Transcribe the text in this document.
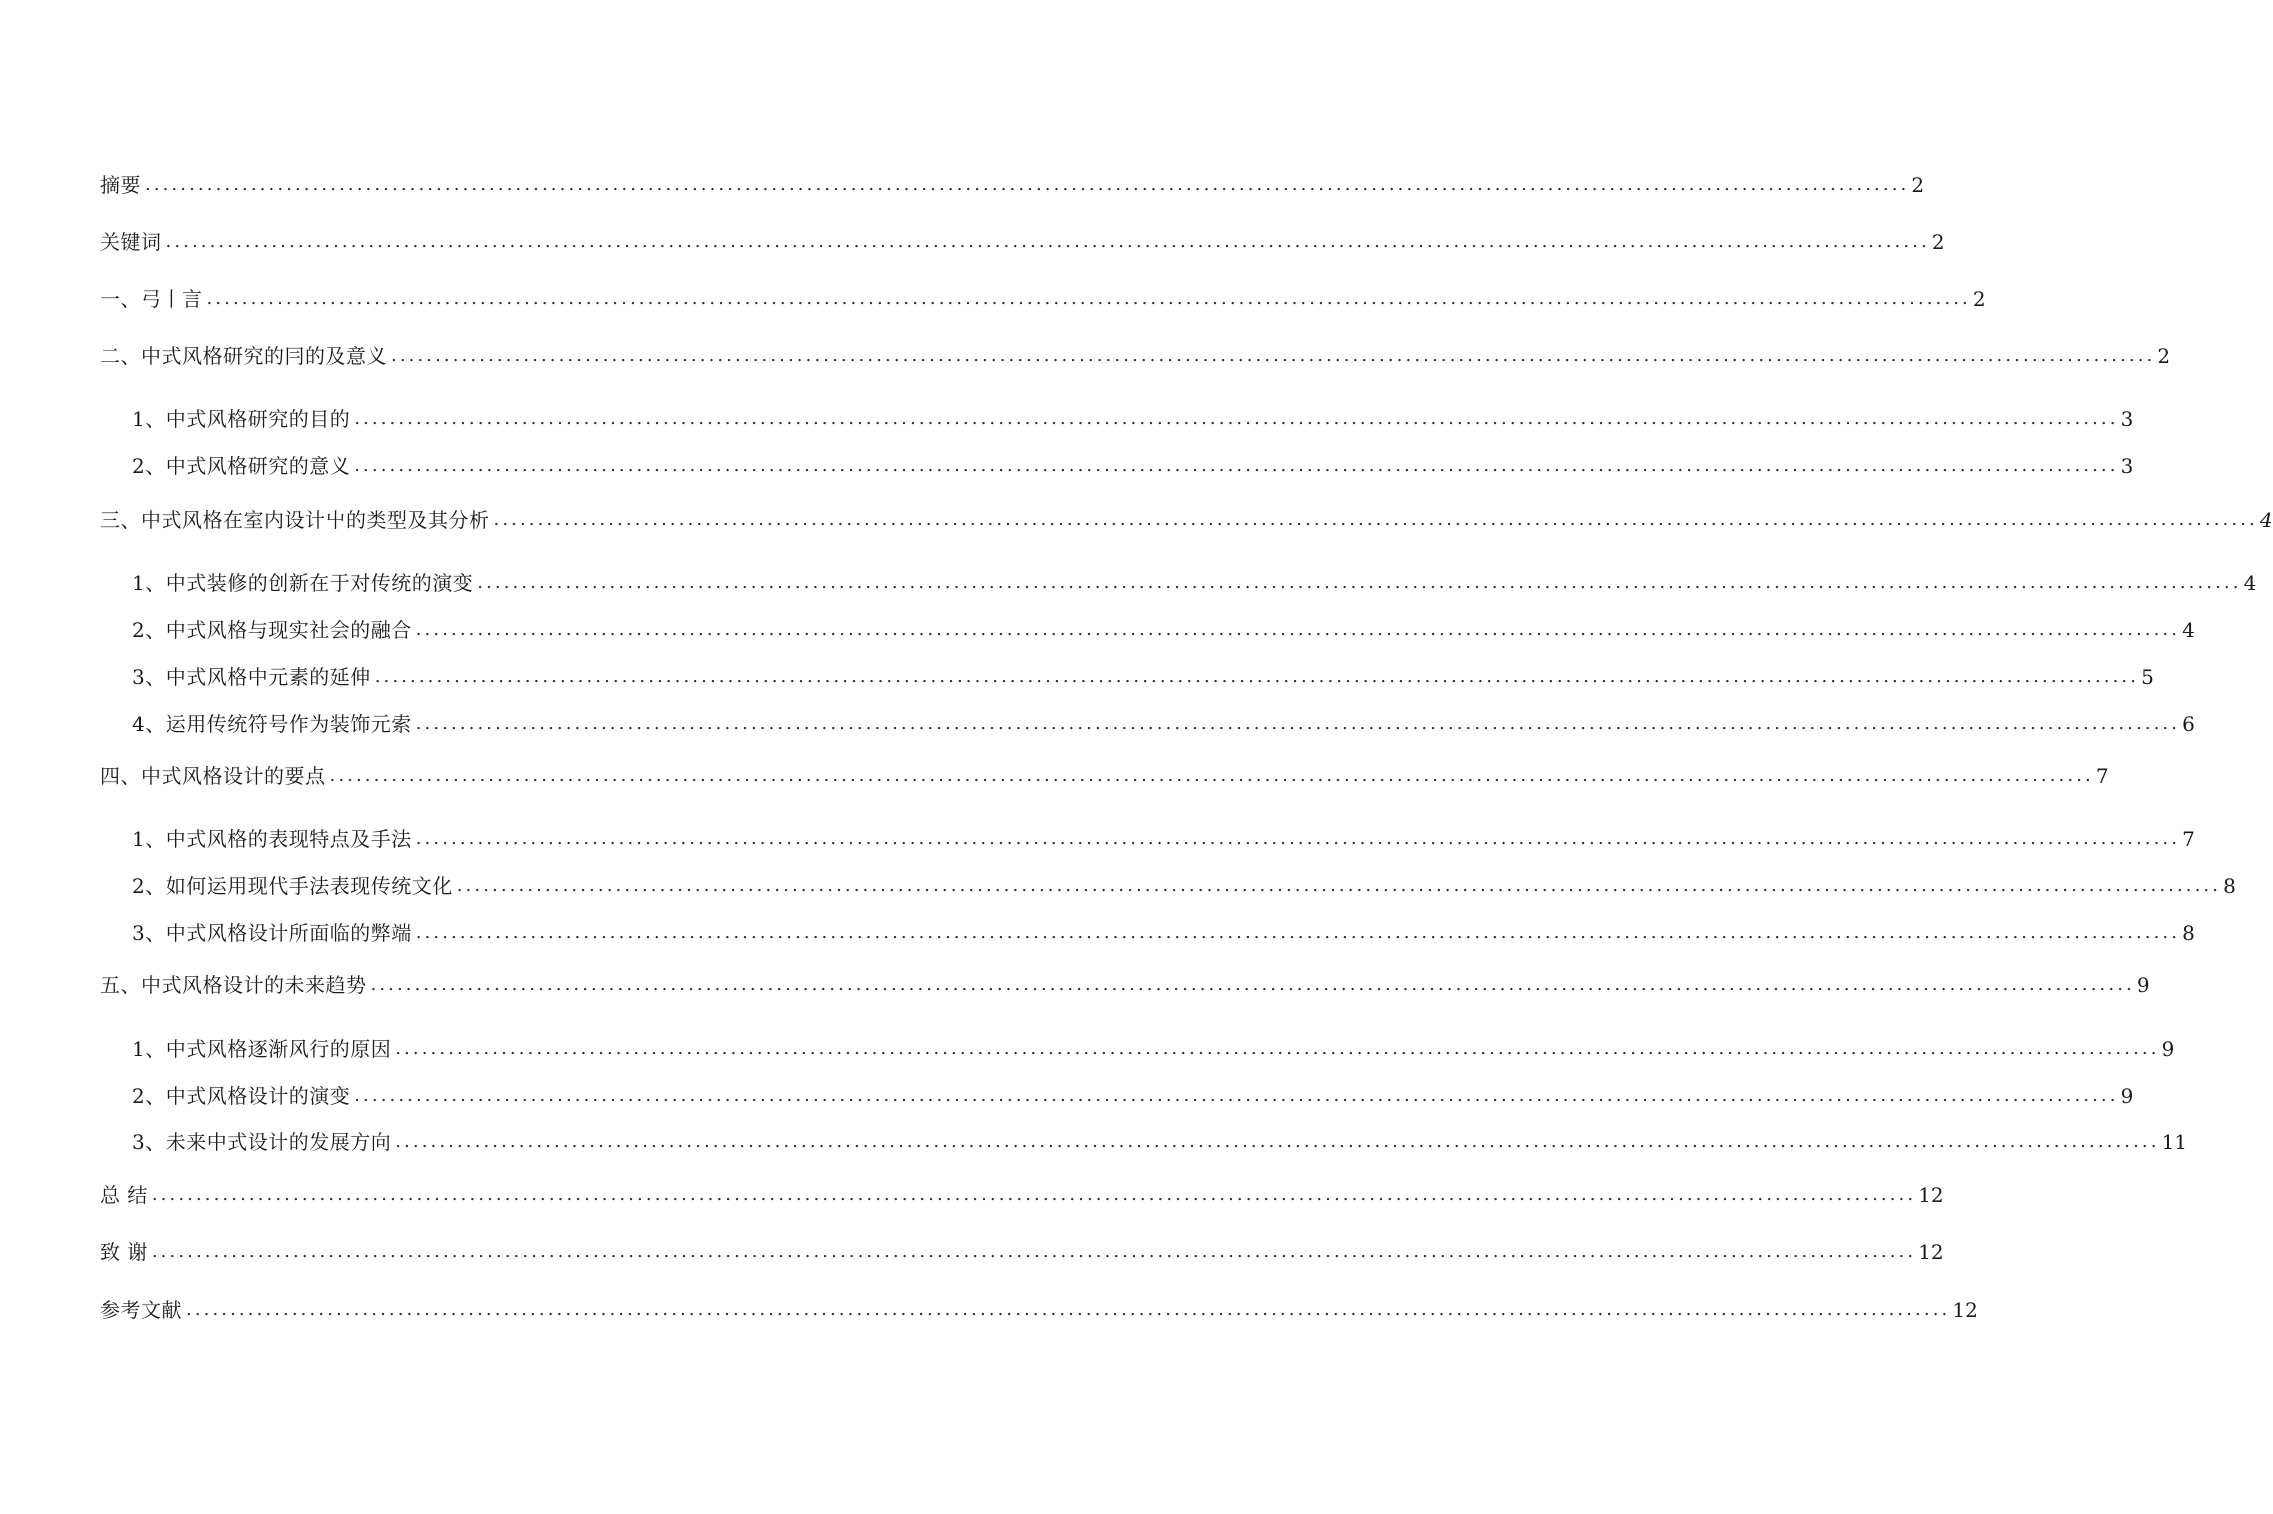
摘要 ........................................................................................................................................................................................................ 2
关键词 ........................................................................................................................................................................................................ 2
一、弓丨言 ........................................................................................................................................................................................................ 2
二、中式风格研究的冃的及意义 ........................................................................................................................................................................................................ 2
1、中式风格研究的目的 ........................................................................................................................................................................................................ 3
2、中式风格研究的意义 ........................................................................................................................................................................................................ 3
三、中式风格在室内设计屮的类型及其分析 ........................................................................................................................................................................................................ 4
1、中式装修的创新在于对传统的演变 ........................................................................................................................................................................................................ 4
2、中式风格与现实社会的融合 ........................................................................................................................................................................................................ 4
3、中式风格中元素的延伸 ........................................................................................................................................................................................................ 5
4、运用传统符号作为装饰元索 ........................................................................................................................................................................................................ 6
四、中式风格设计的要点 ........................................................................................................................................................................................................ 7
1、中式风格的表现特点及手法 ........................................................................................................................................................................................................ 7
2、如何运用现代手法表现传统文化 ........................................................................................................................................................................................................ 8
3、中式风格设计所面临的弊端 ........................................................................................................................................................................................................ 8
五、中式风格设计的未来趋势 ........................................................................................................................................................................................................ 9
1、中式风格逐渐风行的原因 ........................................................................................................................................................................................................ 9
2、中式风格设计的演变 ........................................................................................................................................................................................................ 9
3、未来中式设计的发展方向 ........................................................................................................................................................................................................ 11
总 结 ........................................................................................................................................................................................................ 12
致 谢 ........................................................................................................................................................................................................ 12
参考文献 ........................................................................................................................................................................................................ 12
